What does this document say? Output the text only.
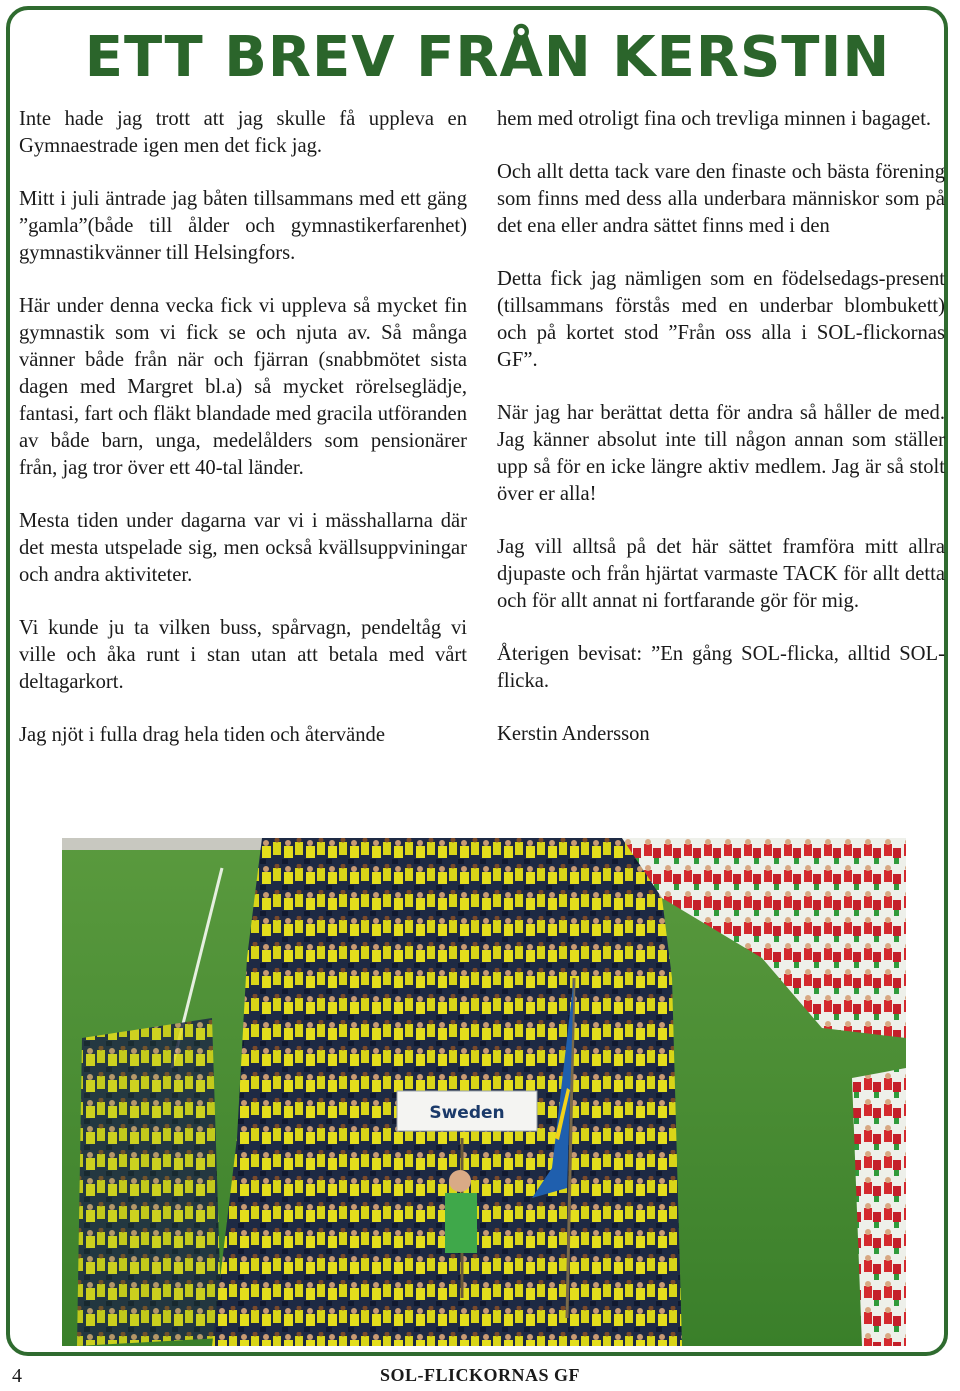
ETT BREV FRÅN KERSTIN

Inte hade jag trott att jag skulle få uppleva en Gymnaestrade igen men det fick jag.

Mitt i juli äntrade jag båten tillsammans med ett gäng ”gamla”(både till ålder och gymnastikerfarenhet) gymnastikvänner till Helsingfors.

Här under denna vecka fick vi uppleva så mycket fin gymnastik som vi fick se och njuta av. Så många vänner både från när och fjärran (snabbmötet sista dagen med Margret bl.a) så mycket rörelseglädje, fantasi, fart och fläkt blandade med gracila utföranden av både barn, unga, medelålders som pensionärer från, jag tror över ett 40-tal länder.

Mesta tiden under dagarna var vi i mässhallarna där det mesta utspelade sig, men också kvällsuppviningar och andra aktiviteter.

Vi kunde ju ta vilken buss, spårvagn, pendeltåg vi ville och åka runt i stan utan att betala med vårt deltagarkort.

Jag njöt i fulla drag hela tiden och återvände

hem med otroligt fina och trevliga minnen i bagaget.

Och allt detta tack vare den finaste och bästa förening som finns med dess alla underbara människor som på det ena eller andra sättet finns med i den

Detta fick jag nämligen som en födelsedags-present (tillsammans förstås med en underbar blombukett) och på kortet stod ”Från oss alla i SOL-flickornas GF”.

När jag har berättat detta för andra så håller de med. Jag känner absolut inte till någon annan som ställer upp så för en icke längre aktiv medlem. Jag är så stolt över er alla!

Jag vill alltså på det här sättet framföra mitt allra djupaste och från hjärtat varmaste TACK för allt detta och för allt annat ni fortfarande gör för mig.

Återigen bevisat: ”En gång SOL-flicka, alltid SOL-flicka.

Kerstin Andersson

Sweden
4	SOL-FLICKORNAS GF
